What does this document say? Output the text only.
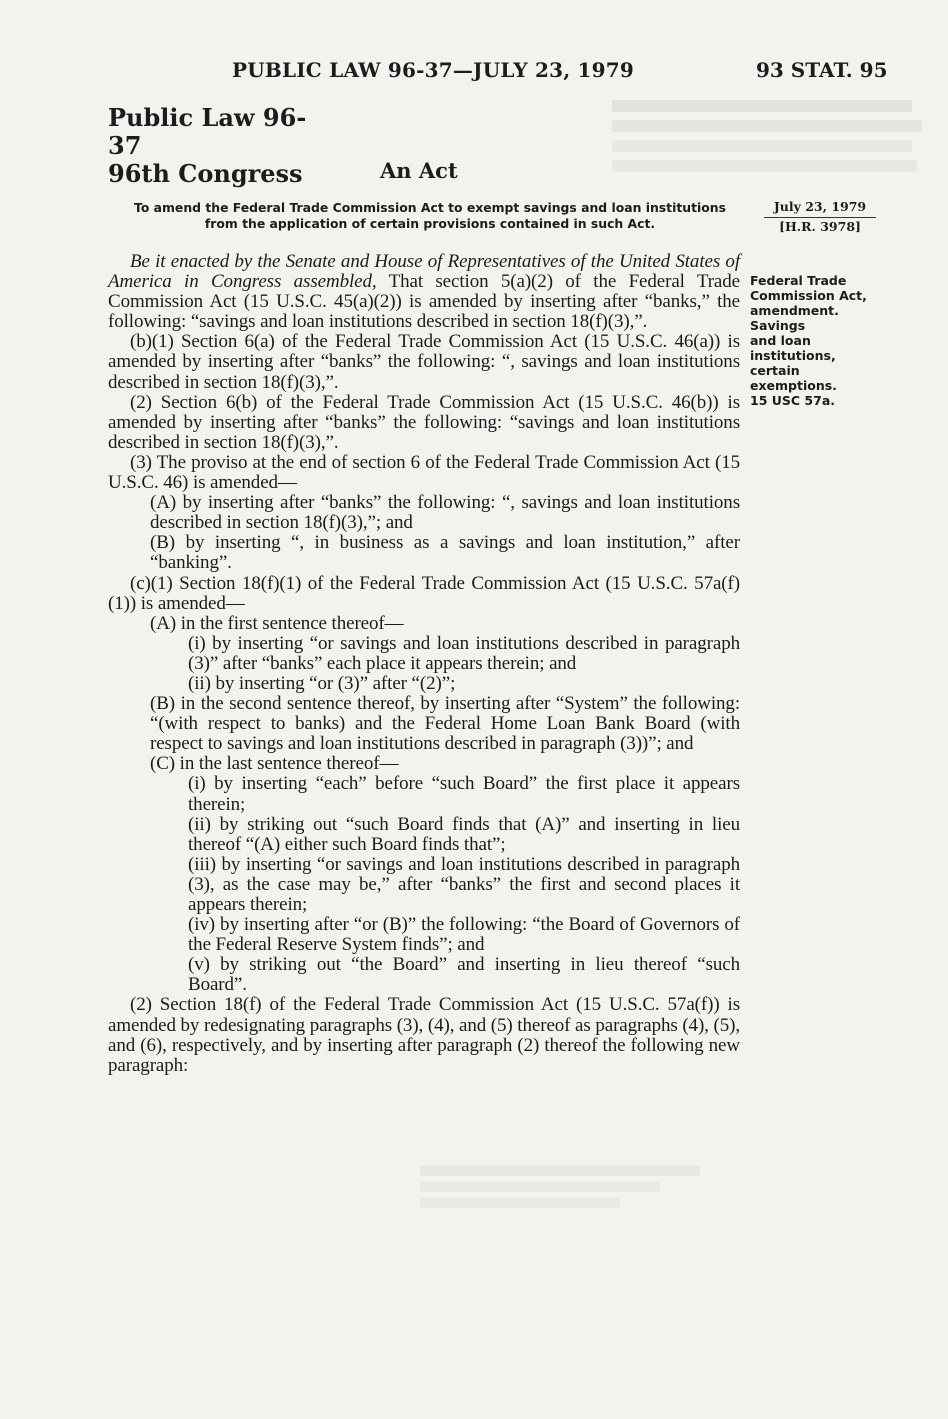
PUBLIC LAW 96-37—JULY 23, 1979	93 STAT. 95
Public Law 96-37
96th Congress	An Act
To amend the Federal Trade Commission Act to exempt savings and loan institutions
from the application of certain provisions contained in such Act.
July 23, 1979
[H.R. 3978]
Federal Trade
Commission Act,
amendment.
Savings
and loan
institutions,
certain
exemptions.
15 USC 57a.

Be it enacted by the Senate and House of Representatives of the United States of America in Congress assembled, That section 5(a)(2) of the Federal Trade Commission Act (15 U.S.C. 45(a)(2)) is amended by inserting after “banks,” the following: “savings and loan institutions described in section 18(f)(3),”.

(b)(1) Section 6(a) of the Federal Trade Commission Act (15 U.S.C. 46(a)) is amended by inserting after “banks” the following: “, savings and loan institutions described in section 18(f)(3),”.

(2) Section 6(b) of the Federal Trade Commission Act (15 U.S.C. 46(b)) is amended by inserting after “banks” the following: “savings and loan institutions described in section 18(f)(3),”.

(3) The proviso at the end of section 6 of the Federal Trade Commission Act (15 U.S.C. 46) is amended—

(A) by inserting after “banks” the following: “, savings and loan institutions described in section 18(f)(3),”; and

(B) by inserting “, in business as a savings and loan institution,” after “banking”.

(c)(1) Section 18(f)(1) of the Federal Trade Commission Act (15 U.S.C. 57a(f)(1)) is amended—

(A) in the first sentence thereof—

(i) by inserting “or savings and loan institutions described in paragraph (3)” after “banks” each place it appears therein; and

(ii) by inserting “or (3)” after “(2)”;

(B) in the second sentence thereof, by inserting after “System” the following: “(with respect to banks) and the Federal Home Loan Bank Board (with respect to savings and loan institutions described in paragraph (3))”; and

(C) in the last sentence thereof—

(i) by inserting “each” before “such Board” the first place it appears therein;

(ii) by striking out “such Board finds that (A)” and inserting in lieu thereof “(A) either such Board finds that”;

(iii) by inserting “or savings and loan institutions described in paragraph (3), as the case may be,” after “banks” the first and second places it appears therein;

(iv) by inserting after “or (B)” the following: “the Board of Governors of the Federal Reserve System finds”; and

(v) by striking out “the Board” and inserting in lieu thereof “such Board”.

(2) Section 18(f) of the Federal Trade Commission Act (15 U.S.C. 57a(f)) is amended by redesignating paragraphs (3), (4), and (5) thereof as paragraphs (4), (5), and (6), respectively, and by inserting after paragraph (2) thereof the following new paragraph:
